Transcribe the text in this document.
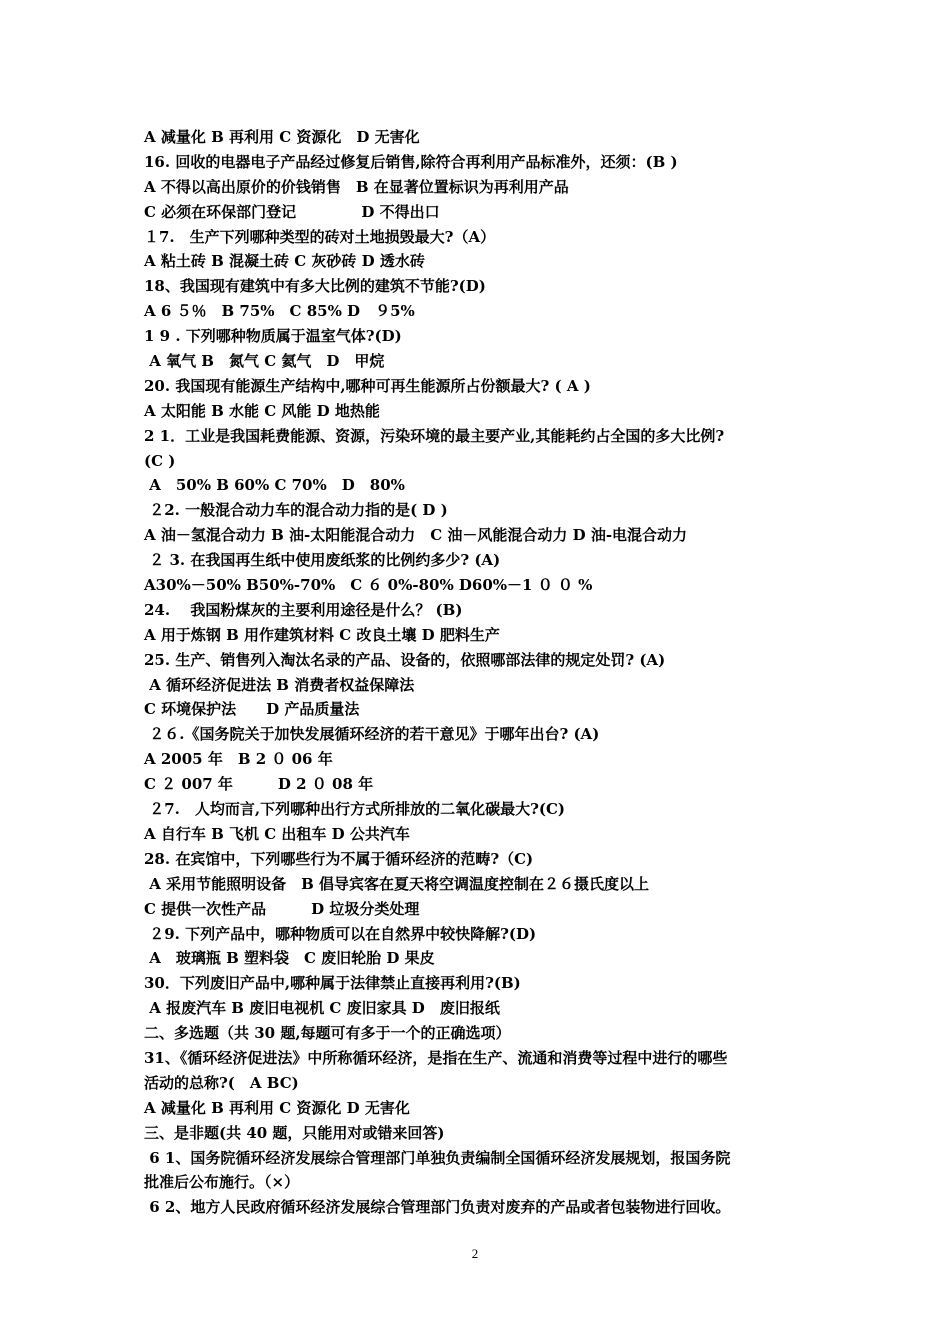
A 减量化 B 再利用 C 资源化　D 无害化
16. 回收的电器电子产品经过修复后销售,除符合再利用产品标准外，还须：(B )
A 不得以高出原价的价钱销售　B 在显著位置标识为再利用产品
C 必须在环保部门登记　　　　 D 不得出口
１7.　生产下列哪种类型的砖对土地损毁最大?（A）
A 粘土砖 B 混凝土砖 C 灰砂砖 D 透水砖
18、我国现有建筑中有多大比例的建筑不节能?(D)
A 6 ５％　B 75%　C 85% D　９5%
1 9 . 下列哪种物质属于温室气体?(D)
A 氧气 B　氮气 C 氦气　D　甲烷
20. 我国现有能源生产结构中,哪种可再生能源所占份额最大? ( A )
A 太阳能 B 水能 C 风能 D 地热能
2 1．工业是我国耗费能源、资源，污染环境的最主要产业,其能耗约占全国的多大比例?
(C )
A　50% B 60% C 70%　D　80%
２2. 一般混合动力车的混合动力指的是( D )
A 油－氢混合动力 B 油-太阳能混合动力　C 油－风能混合动力 D 油-电混合动力
２ 3. 在我国再生纸中使用废纸浆的比例约多少? (A)
A30%－50% B50%-70%　C ６ 0%-80% D60%－1 ０ ０ %
24.　 我国粉煤灰的主要利用途径是什么？ (B)
A 用于炼钢 B 用作建筑材料 C 改良土壤 D 肥料生产
25. 生产、销售列入淘汰名录的产品、设备的，依照哪部法律的规定处罚? (A)
A 循环经济促进法 B 消费者权益保障法
C 环境保护法　　D 产品质量法
２６.《国务院关于加快发展循环经济的若干意见》于哪年出台? (A)
A 2005 年　B 2 ０ 06 年
C ２ 007 年　　　D 2 ０ 08 年
２7.　人均而言,下列哪种出行方式所排放的二氧化碳最大?(C)
A 自行车 B 飞机 C 出租车 D 公共汽车
28. 在宾馆中，下列哪些行为不属于循环经济的范畴?（C)
A 采用节能照明设备　B 倡导宾客在夏天将空调温度控制在２６摄氏度以上
C 提供一次性产品　　　D 垃圾分类处理
２9. 下列产品中，哪种物质可以在自然界中较快降解?(D)
A　玻璃瓶 B 塑料袋　C 废旧轮胎 D 果皮
30．下列废旧产品中,哪种属于法律禁止直接再利用?(B)
A 报废汽车 B 废旧电视机 C 废旧家具 D　废旧报纸
二、多选题（共 30 题,每题可有多于一个的正确选项）
31、《循环经济促进法》中所称循环经济，是指在生产、流通和消费等过程中进行的哪些
活动的总称?(　A BC)
A 减量化 B 再利用 C 资源化 D 无害化
三、是非题(共 40 题，只能用对或错来回答)
6 1、国务院循环经济发展综合管理部门单独负责编制全国循环经济发展规划，报国务院
批准后公布施行。（×）
6 2、地方人民政府循环经济发展综合管理部门负责对废弃的产品或者包装物进行回收。
2
